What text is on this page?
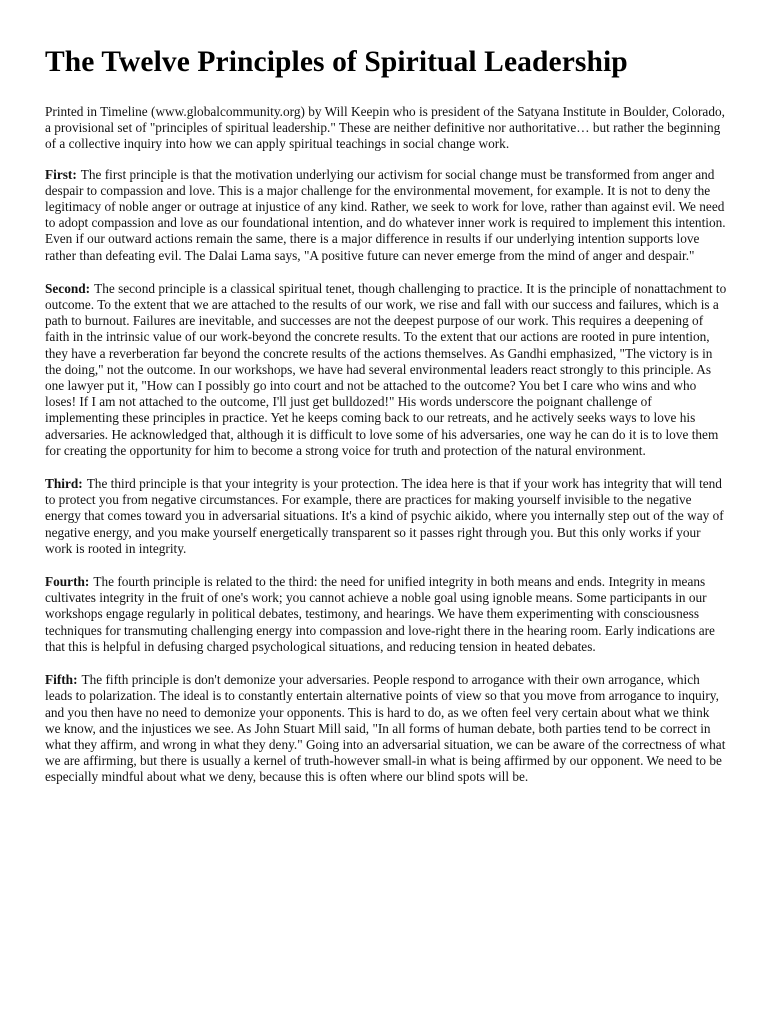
The Twelve Principles of Spiritual Leadership

Printed in Timeline (www.globalcommunity.org) by Will Keepin who is president of the Satyana Institute in Boulder, Colorado, a provisional set of "principles of spiritual leadership." These are neither definitive nor authoritative… but rather the beginning of a collective inquiry into how we can apply spiritual teachings in social change work.

First: The first principle is that the motivation underlying our activism for social change must be transformed from anger and despair to compassion and love. This is a major challenge for the environmental movement, for example. It is not to deny the legitimacy of noble anger or outrage at injustice of any kind. Rather, we seek to work for love, rather than against evil. We need to adopt compassion and love as our foundational intention, and do whatever inner work is required to implement this intention. Even if our outward actions remain the same, there is a major difference in results if our underlying intention supports love rather than defeating evil. The Dalai Lama says, "A positive future can never emerge from the mind of anger and despair."

Second: The second principle is a classical spiritual tenet, though challenging to practice. It is the principle of nonattachment to outcome. To the extent that we are attached to the results of our work, we rise and fall with our success and failures, which is a path to burnout. Failures are inevitable, and successes are not the deepest purpose of our work. This requires a deepening of faith in the intrinsic value of our work-beyond the concrete results. To the extent that our actions are rooted in pure intention, they have a reverberation far beyond the concrete results of the actions themselves. As Gandhi emphasized, "The victory is in the doing," not the outcome. In our workshops, we have had several environmental leaders react strongly to this principle. As one lawyer put it, "How can I possibly go into court and not be attached to the outcome? You bet I care who wins and who loses! If I am not attached to the outcome, I'll just get bulldozed!" His words underscore the poignant challenge of implementing these principles in practice. Yet he keeps coming back to our retreats, and he actively seeks ways to love his adversaries. He acknowledged that, although it is difficult to love some of his adversaries, one way he can do it is to love them for creating the opportunity for him to become a strong voice for truth and protection of the natural environment.

Third: The third principle is that your integrity is your protection. The idea here is that if your work has integrity that will tend to protect you from negative circumstances. For example, there are practices for making yourself invisible to the negative energy that comes toward you in adversarial situations. It's a kind of psychic aikido, where you internally step out of the way of negative energy, and you make yourself energetically transparent so it passes right through you. But this only works if your work is rooted in integrity.

Fourth: The fourth principle is related to the third: the need for unified integrity in both means and ends. Integrity in means cultivates integrity in the fruit of one's work; you cannot achieve a noble goal using ignoble means. Some participants in our workshops engage regularly in political debates, testimony, and hearings. We have them experimenting with consciousness techniques for transmuting challenging energy into compassion and love-right there in the hearing room. Early indications are that this is helpful in defusing charged psychological situations, and reducing tension in heated debates.

Fifth: The fifth principle is don't demonize your adversaries. People respond to arrogance with their own arrogance, which leads to polarization. The ideal is to constantly entertain alternative points of view so that you move from arrogance to inquiry, and you then have no need to demonize your opponents. This is hard to do, as we often feel very certain about what we think we know, and the injustices we see. As John Stuart Mill said, "In all forms of human debate, both parties tend to be correct in what they affirm, and wrong in what they deny." Going into an adversarial situation, we can be aware of the correctness of what we are affirming, but there is usually a kernel of truth-however small-in what is being affirmed by our opponent. We need to be especially mindful about what we deny, because this is often where our blind spots will be.
